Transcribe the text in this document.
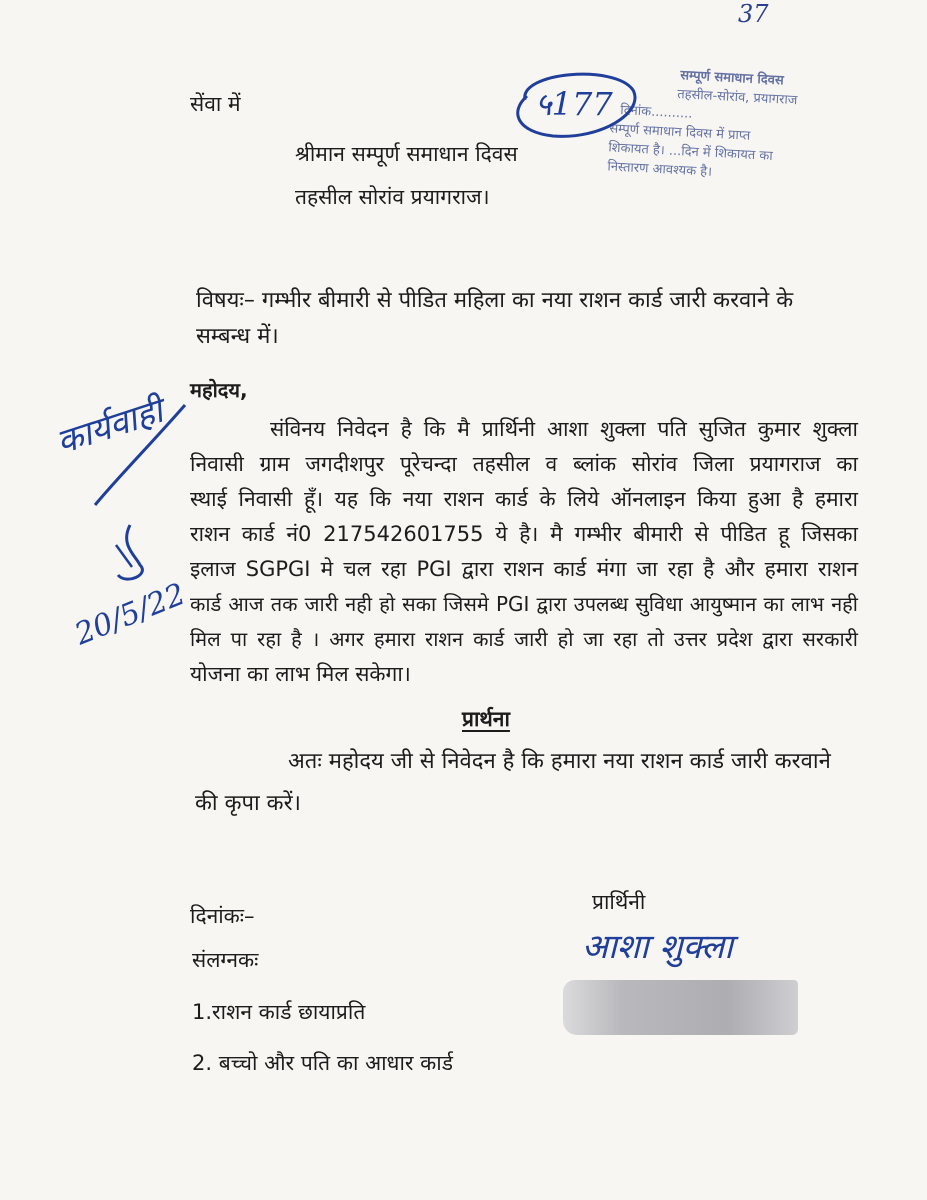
37
५177
सेंवा में
श्रीमान सम्पूर्ण समाधान दिवस
तहसील सोरांव प्रयागराज।
सम्पूर्ण समाधान दिवस
तहसील-सोरांव, प्रयागराज
दिनांक..........
सम्पूर्ण समाधान दिवस में प्राप्त
शिकायत है। ...दिन में शिकायत का
निस्तारण आवश्यक है।
विषयः– गम्भीर बीमारी से पीडित महिला का नया राशन कार्ड जारी करवाने के
सम्बन्ध में।
महोदय,
कार्यवाही
20/5/22
संविनय निवेदन है कि मै प्रार्थिनी आशा शुक्ला पति सुजित कुमार शुक्ला
निवासी ग्राम जगदीशपुर पूरेचन्दा तहसील व ब्लांक सोरांव जिला प्रयागराज का
स्थाई निवासी हूँ। यह कि नया राशन कार्ड के लिये ऑनलाइन किया हुआ है हमारा
राशन कार्ड नं0 217542601755 ये है। मै गम्भीर बीमारी से पीडित हू जिसका
इलाज SGPGI मे चल रहा PGI द्वारा राशन कार्ड मंगा जा रहा है और हमारा राशन
कार्ड आज तक जारी नही हो सका जिसमे PGI द्वारा उपलब्ध सुविधा आयुष्मान का लाभ नही
मिल पा रहा है । अगर हमारा राशन कार्ड जारी हो जा रहा तो उत्तर प्रदेश द्वारा सरकारी
योजना का लाभ मिल सकेगा।
प्रार्थना
अतः महोदय जी से निवेदन है कि हमारा नया राशन कार्ड जारी करवाने
की कृपा करें।
दिनांकः–
प्रार्थिनी
आशा शुक्ला
संलग्नकः
1.राशन कार्ड छायाप्रति
2. बच्चो और पति का आधार कार्ड
